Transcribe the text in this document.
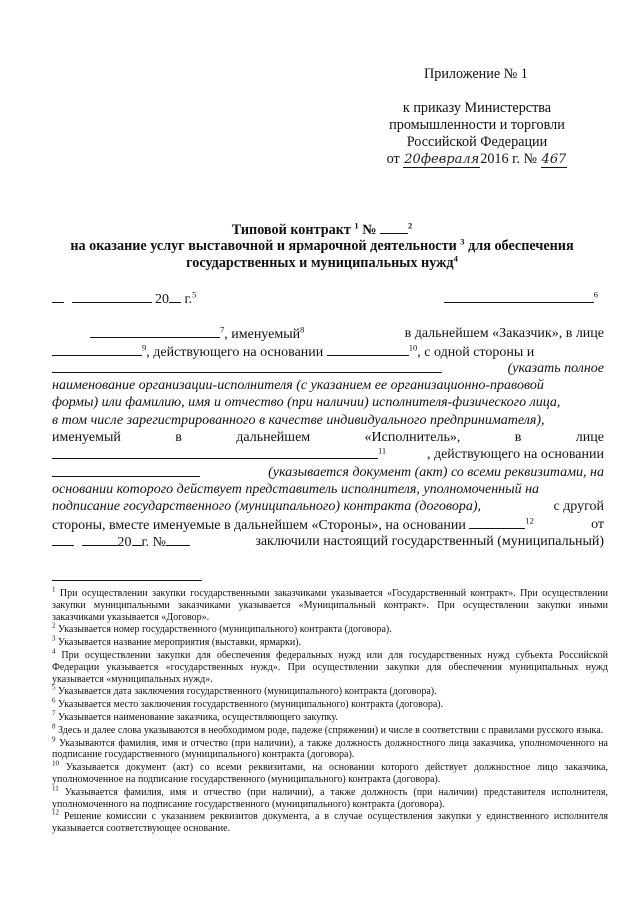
Приложение № 1
к приказу Министерства
промышленности и торговли
Российской Федерации
от 20февраля2016 г. № 467
Типовой контракт $^1$ №	$^2$
на оказание услуг выставочной и ярмарочной деятельности $^3$ для обеспечения
государственных и муниципальных нужд$^4$
20 г.$^5$	$^6$
$^7$, именуемый$^8$	в дальнейшем «Заказчик», в лице
$^9$, действующего на основании	$^{10}$, с одной стороны и
(указать полное
наименование организации-исполнителя (с указанием ее организационно-правовой
формы) или фамилию, имя и отчество (при наличии) исполнителя-физического лица,
в том числе зарегистрированного в качестве индивидуального предпринимателя),
именуемый	в	дальнейшем	«Исполнитель»,	в	лице
$^{11}$	, действующего на основании
(указывается документ (акт) со всеми реквизитами, на
основании которого действует представитель исполнителя, уполномоченный на
подписание государственного (муниципального) контракта (договора),	с другой
стороны, вместе именуемые в дальнейшем «Стороны», на основании	$^{12}$	от
20 г. №	заключили настоящий государственный (муниципальный)
$^1$ При осуществлении закупки государственными заказчиками указывается «Государственный контракт». При осуществлении закупки муниципальными заказчиками указывается «Муниципальный контракт». При осуществлении закупки иными заказчиками указывается «Договор».
$^2$ Указывается номер государственного (муниципального) контракта (договора).
$^3$ Указывается название мероприятия (выставки, ярмарки).
$^4$ При осуществлении закупки для обеспечения федеральных нужд или для государственных нужд субъекта Российской Федерации указывается «государственных нужд». При осуществлении закупки для обеспечения муниципальных нужд указывается «муниципальных нужд».
$^5$ Указывается дата заключения государственного (муниципального) контракта (договора).
$^6$ Указывается место заключения государственного (муниципального) контракта (договора).
$^7$ Указывается наименование заказчика, осуществляющего закупку.
$^8$ Здесь и далее слова указываются в необходимом роде, падеже (спряжении) и числе в соответствии с правилами русского языка.
$^9$ Указываются фамилия, имя и отчество (при наличии), а также должность должностного лица заказчика, уполномоченного на подписание государственного (муниципального) контракта (договора).
$^{10}$ Указывается документ (акт) со всеми реквизитами, на основании которого действует должностное лицо заказчика, уполномоченное на подписание государственного (муниципального) контракта (договора).
$^{11}$ Указывается фамилия, имя и отчество (при наличии), а также должность (при наличии) представителя исполнителя, уполномоченного на подписание государственного (муниципального) контракта (договора).
$^{12}$ Решение комиссии с указанием реквизитов документа, а в случае осуществления закупки у единственного исполнителя указывается соответствующее основание.
